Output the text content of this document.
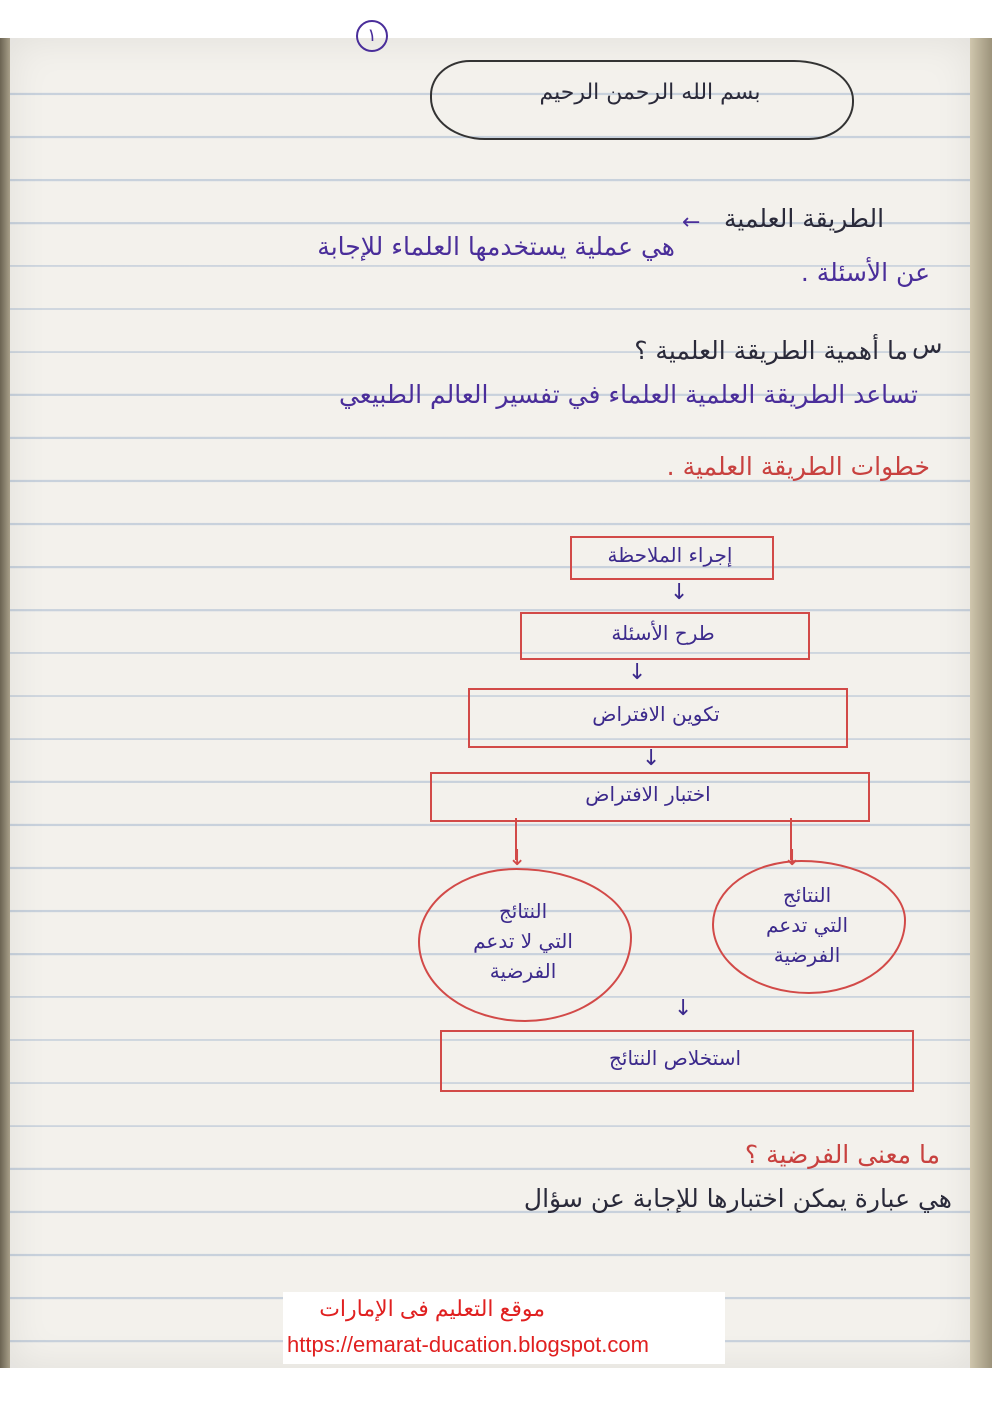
١
بسم الله الرحمن الرحيم
الطريقة العلمية
←
هي عملية يستخدمها العلماء للإجابة
عن الأسئلة .
س
ما أهمية الطريقة العلمية ؟
تساعد الطريقة العلمية العلماء في تفسير العالم الطبيعي
خطوات الطريقة العلمية .
إجراء الملاحظة
↓
طرح الأسئلة
↓
تكوين الافتراض
↓
اختبار الافتراض
↓	↓
النتائج
التي لا تدعم
الفرضية
النتائج
التي تدعم
الفرضية
↓
استخلاص النتائج
ما معنى الفرضية ؟
هي عبارة يمكن اختبارها للإجابة عن سؤال
موقع التعليم فى الإمارات
https://emarat-ducation.blogspot.com
